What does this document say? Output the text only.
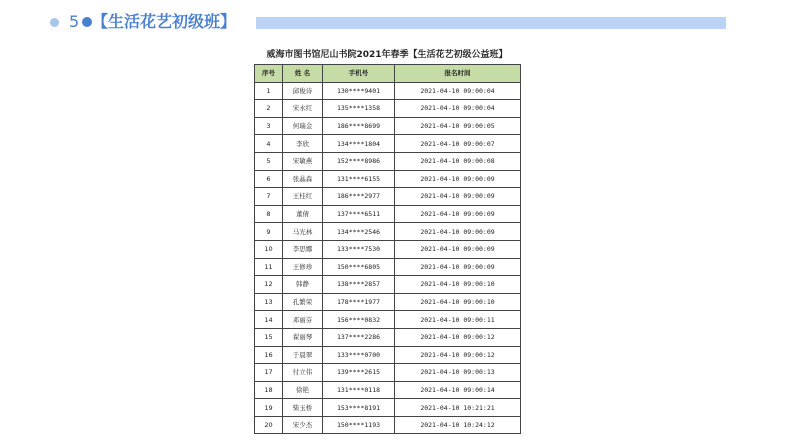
5 【生活花艺初级班】
威海市图书馆尼山书院2021年春季【生活花艺初级公益班】
序号	姓 名	手机号	报名时间
1	邱俊诗	130****9401	2021-04-10 09:00:04
2	宋永红	135****1358	2021-04-10 09:00:04
3	何瑞金	186****8699	2021-04-10 09:00:05
4	李欣	134****1804	2021-04-10 09:00:07
5	宋敏燕	152****8986	2021-04-10 09:00:08
6	张晶森	131****6155	2021-04-10 09:00:09
7	王桂红	186****2977	2021-04-10 09:00:09
8	董倩	137****6511	2021-04-10 09:00:09
9	马光林	134****2546	2021-04-10 09:00:09
10	李思娜	133****7530	2021-04-10 09:00:09
11	王修珍	150****6805	2021-04-10 09:00:09
12	韩静	138****2857	2021-04-10 09:00:10
13	孔繁荣	178****1977	2021-04-10 09:00:10
14	邓丽芬	156****0832	2021-04-10 09:00:11
15	翟丽琴	137****2286	2021-04-10 09:00:12
16	于晨翠	133****0700	2021-04-10 09:00:12
17	付立伟	139****2615	2021-04-10 09:00:13
18	徐艳	131****0118	2021-04-10 09:00:14
19	柴玉桥	153****8191	2021-04-10 10:21:21
20	宋少杰	150****1193	2021-04-10 10:24:12
